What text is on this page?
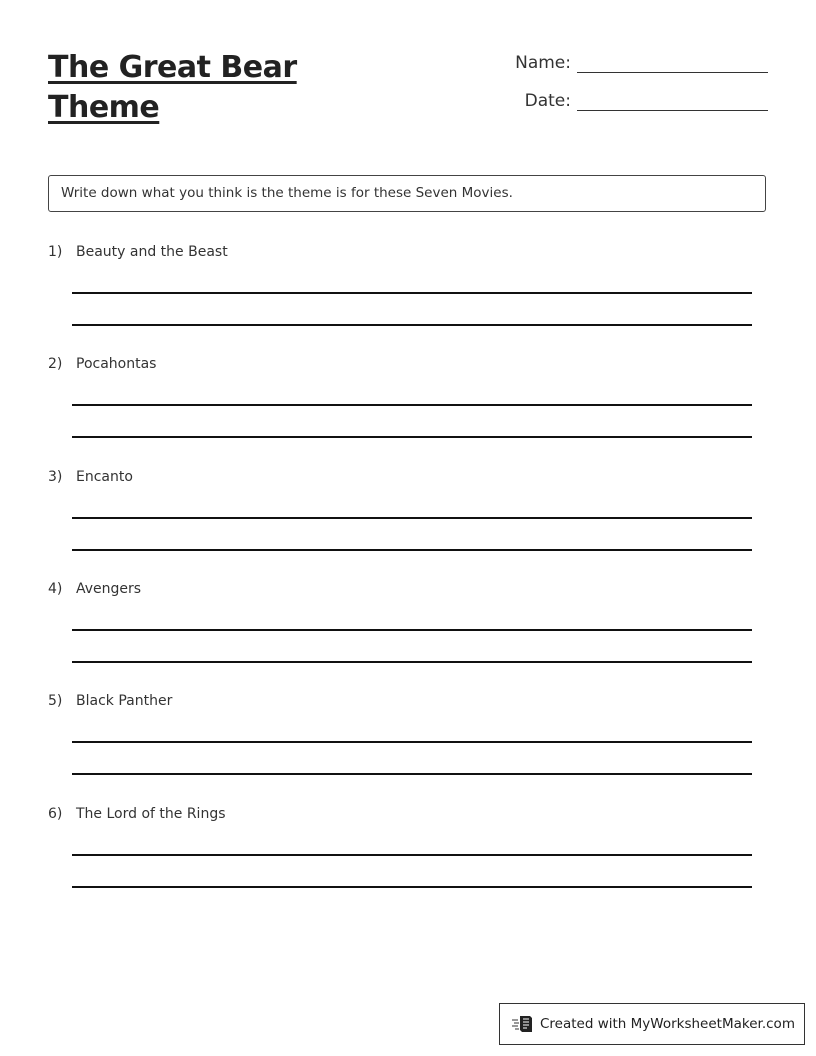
The Great Bear Theme
Name:
Date:
Write down what you think is the theme is for these Seven Movies.
1) Beauty and the Beast
2) Pocahontas
3) Encanto
4) Avengers
5) Black Panther
6) The Lord of the Rings
Created with MyWorksheetMaker.com
